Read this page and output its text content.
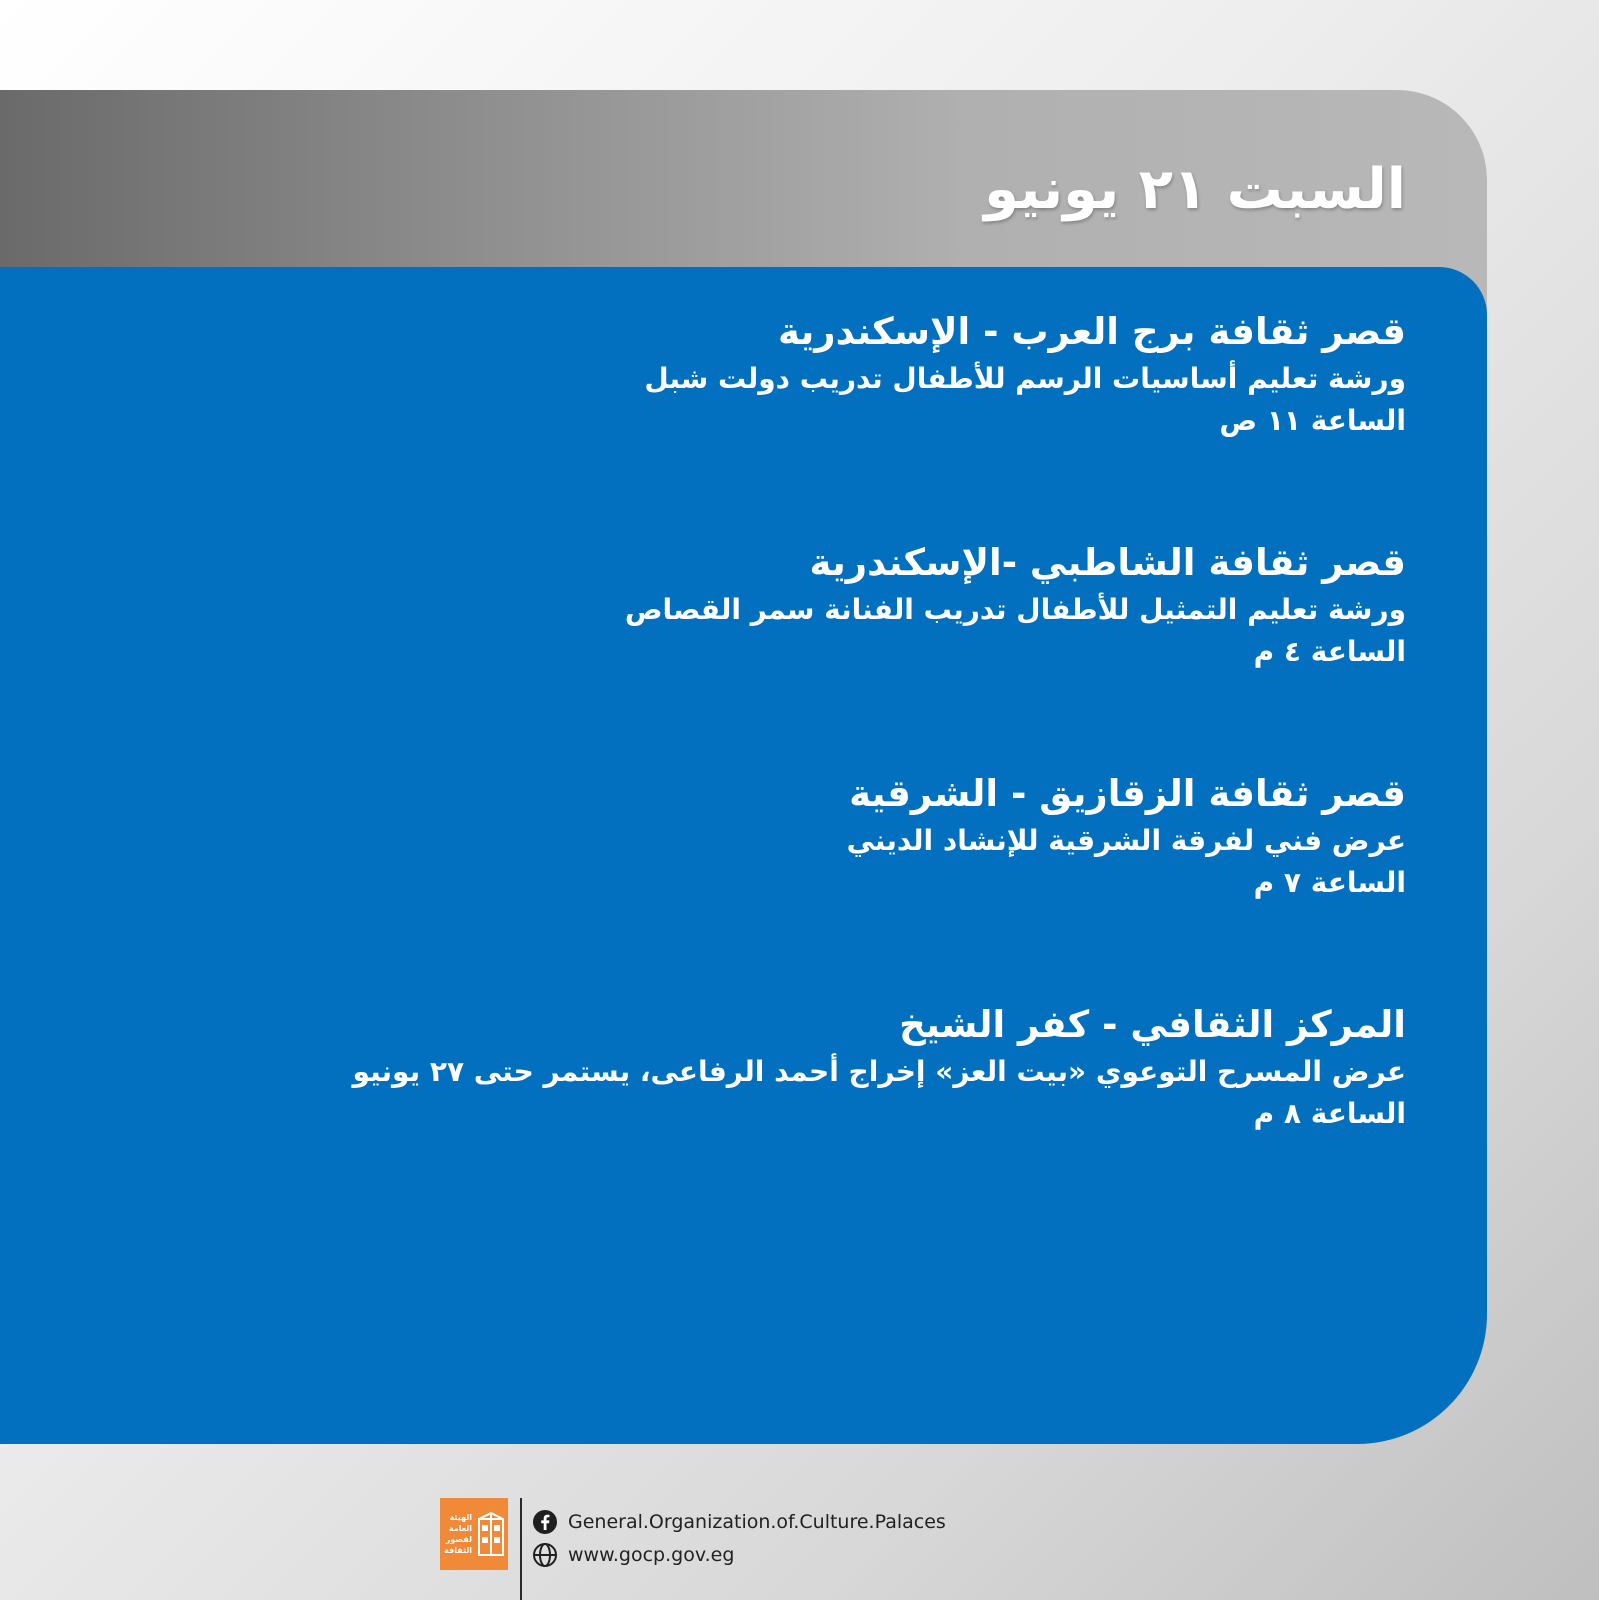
السبت ٢١ يونيو
قصر ثقافة برج العرب - الإسكندرية
ورشة تعليم أساسيات الرسم للأطفال تدريب دولت شبل
الساعة ١١ ص
قصر ثقافة الشاطبي -الإسكندرية
ورشة تعليم التمثيل للأطفال تدريب الفنانة سمر القصاص
الساعة ٤ م
قصر ثقافة الزقازيق - الشرقية
عرض فني لفرقة الشرقية للإنشاد الديني
الساعة ٧ م
المركز الثقافي - كفر الشيخ
عرض المسرح التوعوي «بيت العز» إخراج أحمد الرفاعى، يستمر حتى ٢٧ يونيو
الساعة ٨ م
الهيئة العامة لقصور الثقافة
General.Organization.of.Culture.Palaces
www.gocp.gov.eg
